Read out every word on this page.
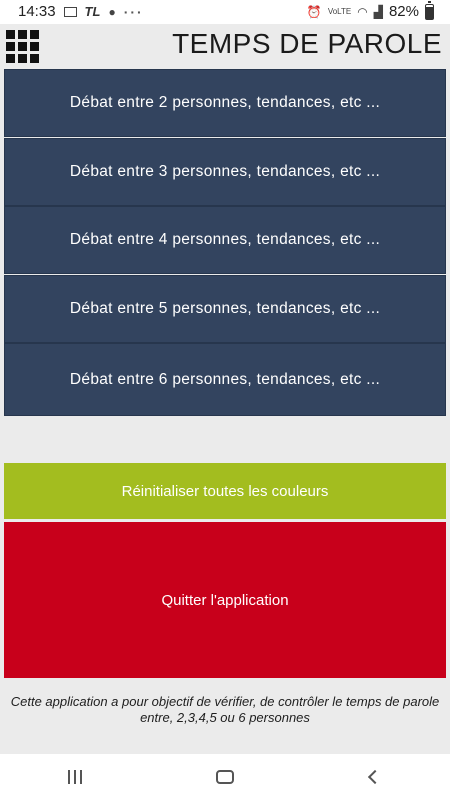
14:33 TL ● ···	⏰ VoLTE ◠ ▟ 82%
TEMPS DE PAROLE
Débat entre 2 personnes, tendances, etc ...
Débat entre 3 personnes, tendances, etc ...
Débat entre 4 personnes, tendances, etc ...
Débat entre 5 personnes, tendances, etc ...
Débat entre 6 personnes, tendances, etc ...
Réinitialiser toutes les couleurs
Quitter l'application
Cette application a pour objectif de vérifier, de contrôler le temps de parole entre, 2,3,4,5 ou 6 personnes
